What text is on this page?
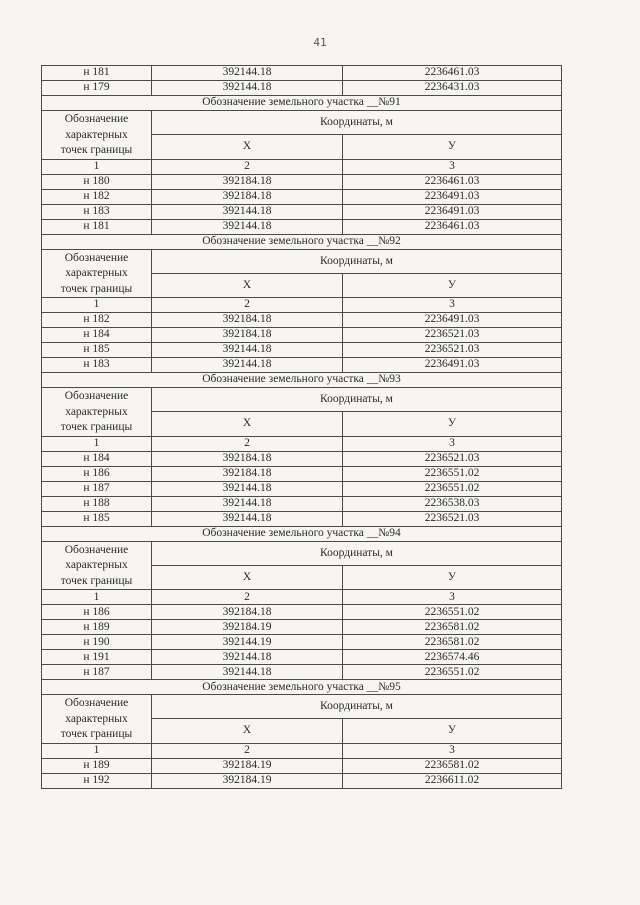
41
н 181	392144.18	2236461.03
н 179	392144.18	2236431.03
Обозначение земельного участка __№91		

Обозначение
характерных
точек границы	Координаты, м	
	X	У
1	2	3
н 180	392184.18	2236461.03
н 182	392184.18	2236491.03
н 183	392144.18	2236491.03
н 181	392144.18	2236461.03
Обозначение земельного участка __№92		

Обозначение
характерных
точек границы	Координаты, м	
	X	У
1	2	3
н 182	392184.18	2236491.03
н 184	392184.18	2236521.03
н 185	392144.18	2236521.03
н 183	392144.18	2236491.03
Обозначение земельного участка __№93		

Обозначение
характерных
точек границы	Координаты, м	
	X	У
1	2	3
н 184	392184.18	2236521.03
н 186	392184.18	2236551.02
н 187	392144.18	2236551.02
н 188	392144.18	2236538.03
н 185	392144.18	2236521.03
Обозначение земельного участка __№94		

Обозначение
характерных
точек границы	Координаты, м	
	X	У
1	2	3
н 186	392184.18	2236551.02
н 189	392184.19	2236581.02
н 190	392144.19	2236581.02
н 191	392144.18	2236574.46
н 187	392144.18	2236551.02
Обозначение земельного участка __№95		

Обозначение
характерных
точек границы	Координаты, м	
	X	У
1	2	3
н 189	392184.19	2236581.02
н 192	392184.19	2236611.02
